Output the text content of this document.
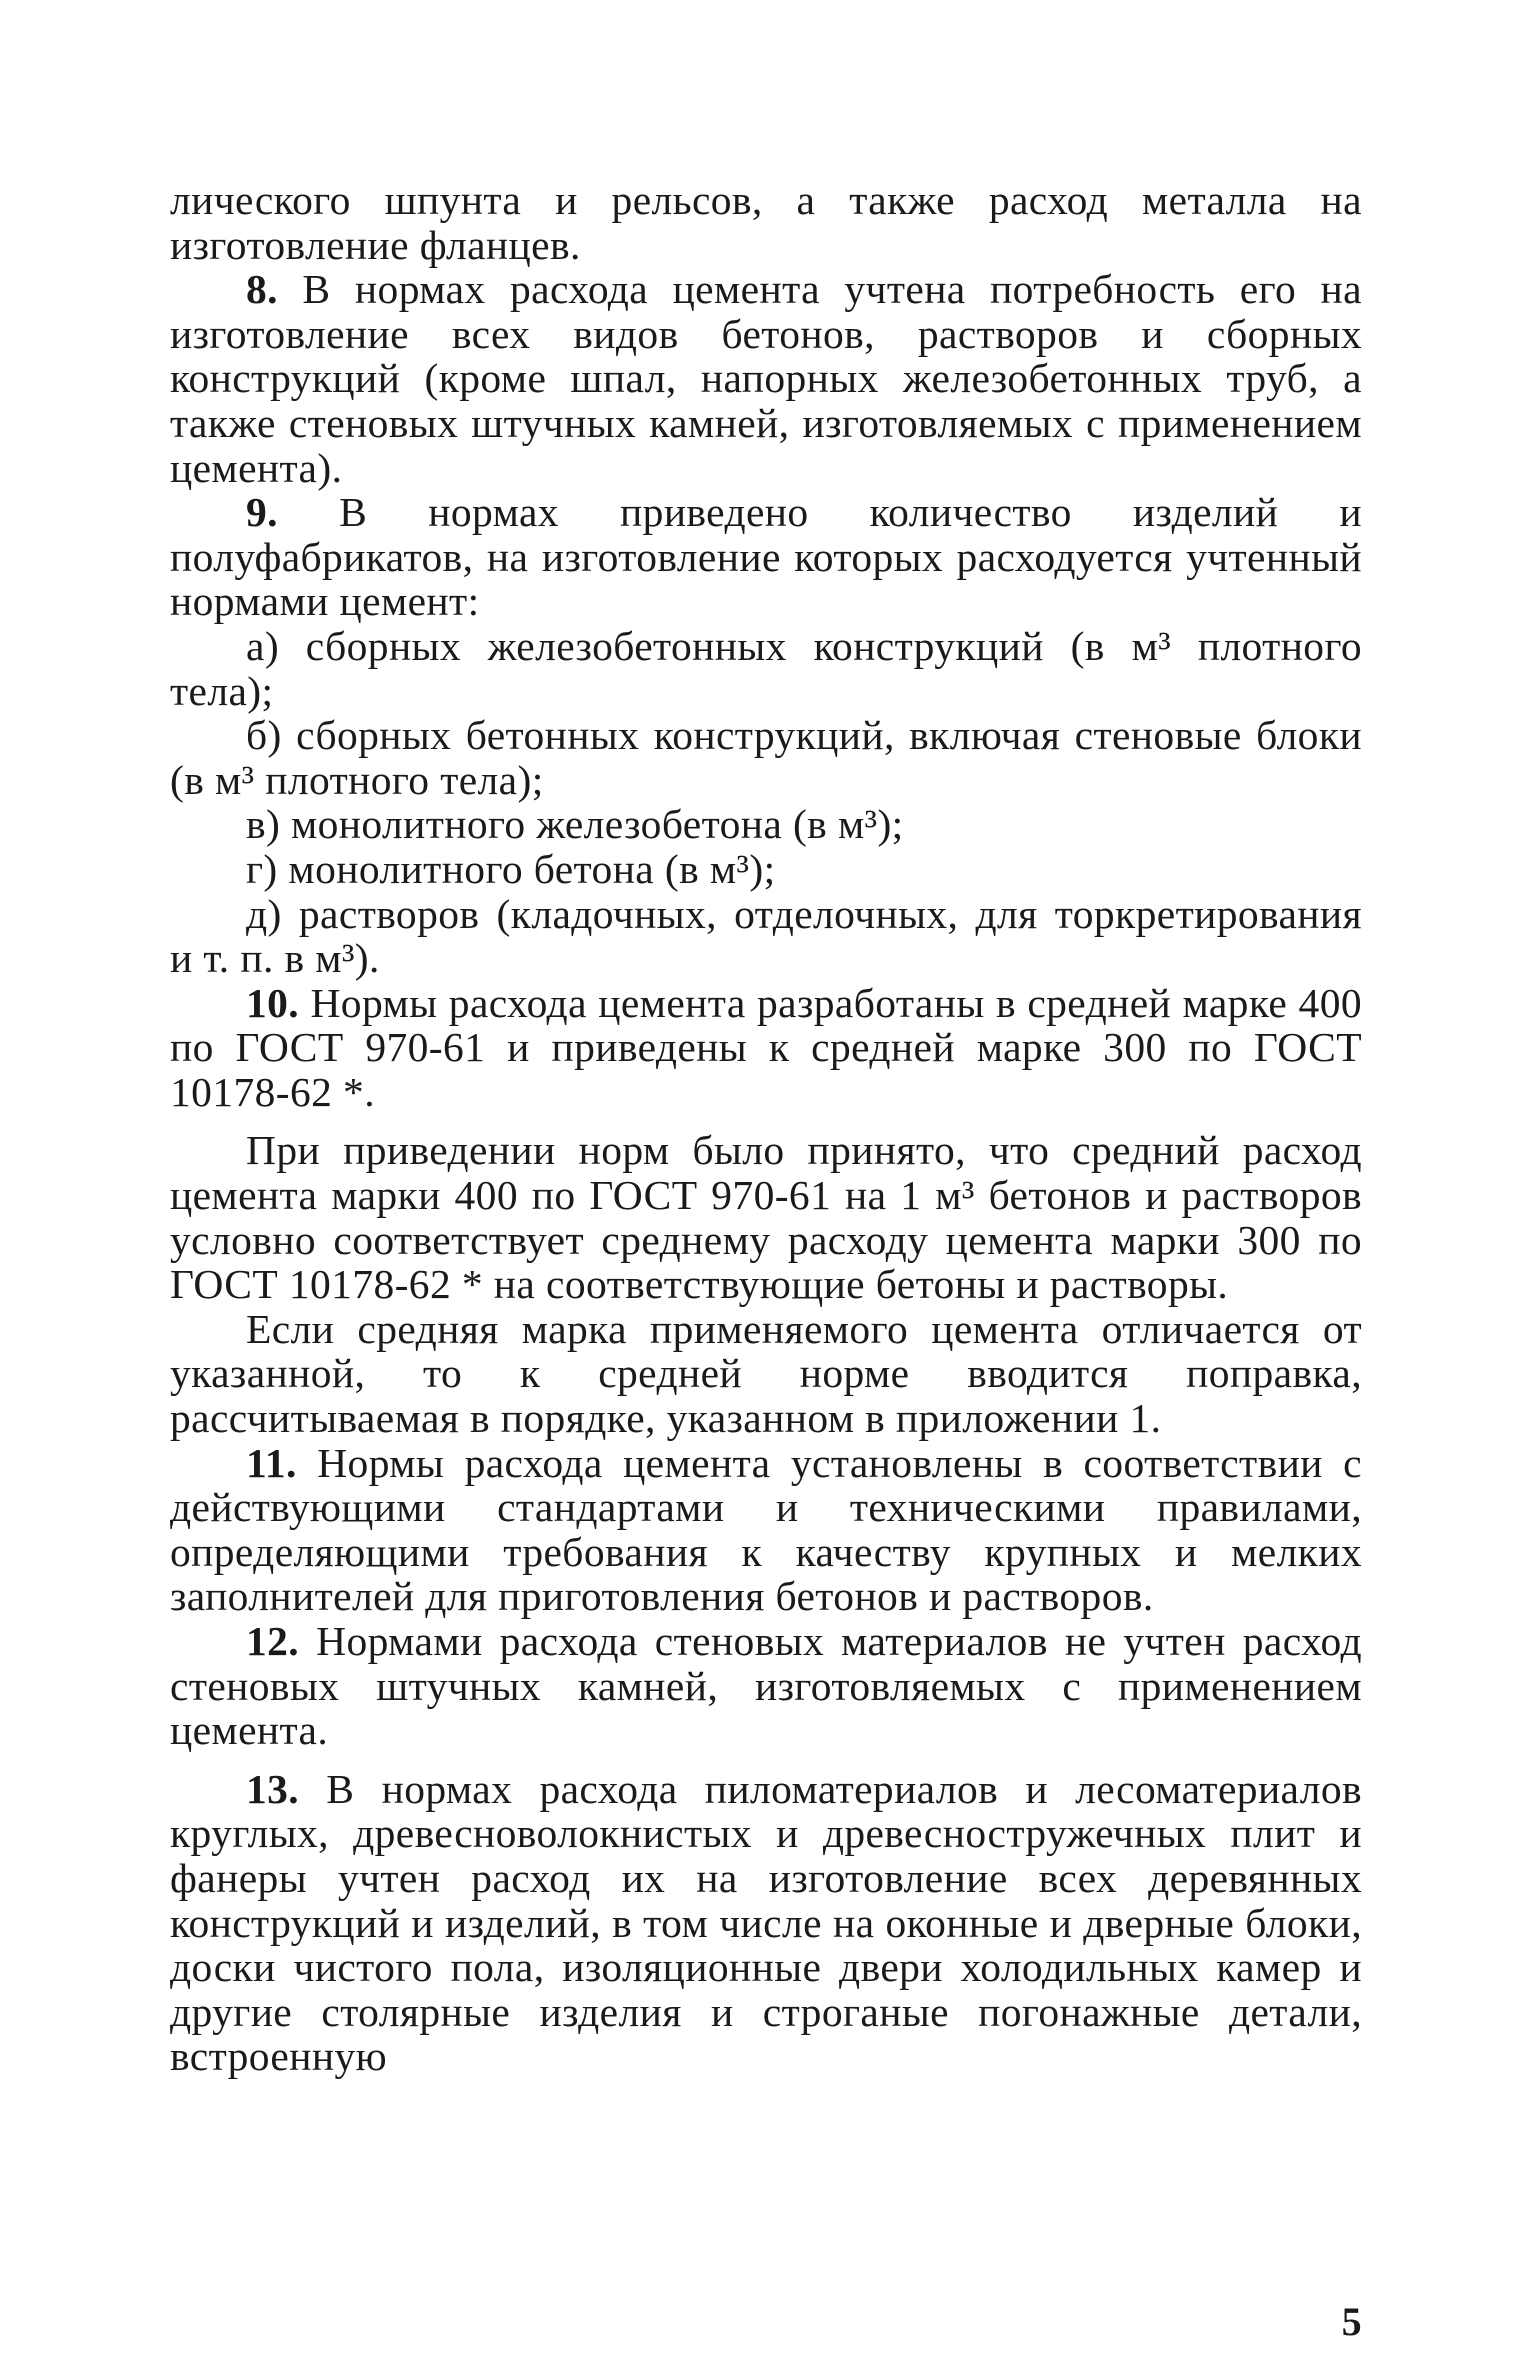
лического шпунта и рельсов, а также расход металла на изготовление фланцев.

8. В нормах расхода цемента учтена потребность его на изготовление всех видов бетонов, растворов и сборных конструкций (кроме шпал, напорных железобетонных труб, а также стеновых штучных камней, изготовляемых с применением цемента).

9. В нормах приведено количество изделий и полуфабрикатов, на изготовление которых расходуется учтенный нормами цемент:

а) сборных железобетонных конструкций (в м³ плотного тела);

б) сборных бетонных конструкций, включая стеновые блоки (в м³ плотного тела);

в) монолитного железобетона (в м³);

г) монолитного бетона (в м³);

д) растворов (кладочных, отделочных, для торкретирования и т. п. в м³).

10. Нормы расхода цемента разработаны в средней марке 400 по ГОСТ 970-61 и приведены к средней марке 300 по ГОСТ 10178-62 *.

При приведении норм было принято, что средний расход цемента марки 400 по ГОСТ 970-61 на 1 м³ бетонов и растворов условно соответствует среднему расходу цемента марки 300 по ГОСТ 10178-62 * на соответствующие бетоны и растворы.

Если средняя марка применяемого цемента отличается от указанной, то к средней норме вводится поправка, рассчитываемая в порядке, указанном в приложении 1.

11. Нормы расхода цемента установлены в соответствии с действующими стандартами и техническими правилами, определяющими требования к качеству крупных и мелких заполнителей для приготовления бетонов и растворов.

12. Нормами расхода стеновых материалов не учтен расход стеновых штучных камней, изготовляемых с применением цемента.

13. В нормах расхода пиломатериалов и лесоматериалов круглых, древесноволокнистых и древесностружечных плит и фанеры учтен расход их на изготовление всех деревянных конструкций и изделий, в том числе на оконные и дверные блоки, доски чистого пола, изоляционные двери холодильных камер и другие столярные изделия и строганые погонажные детали, встроенную

5
